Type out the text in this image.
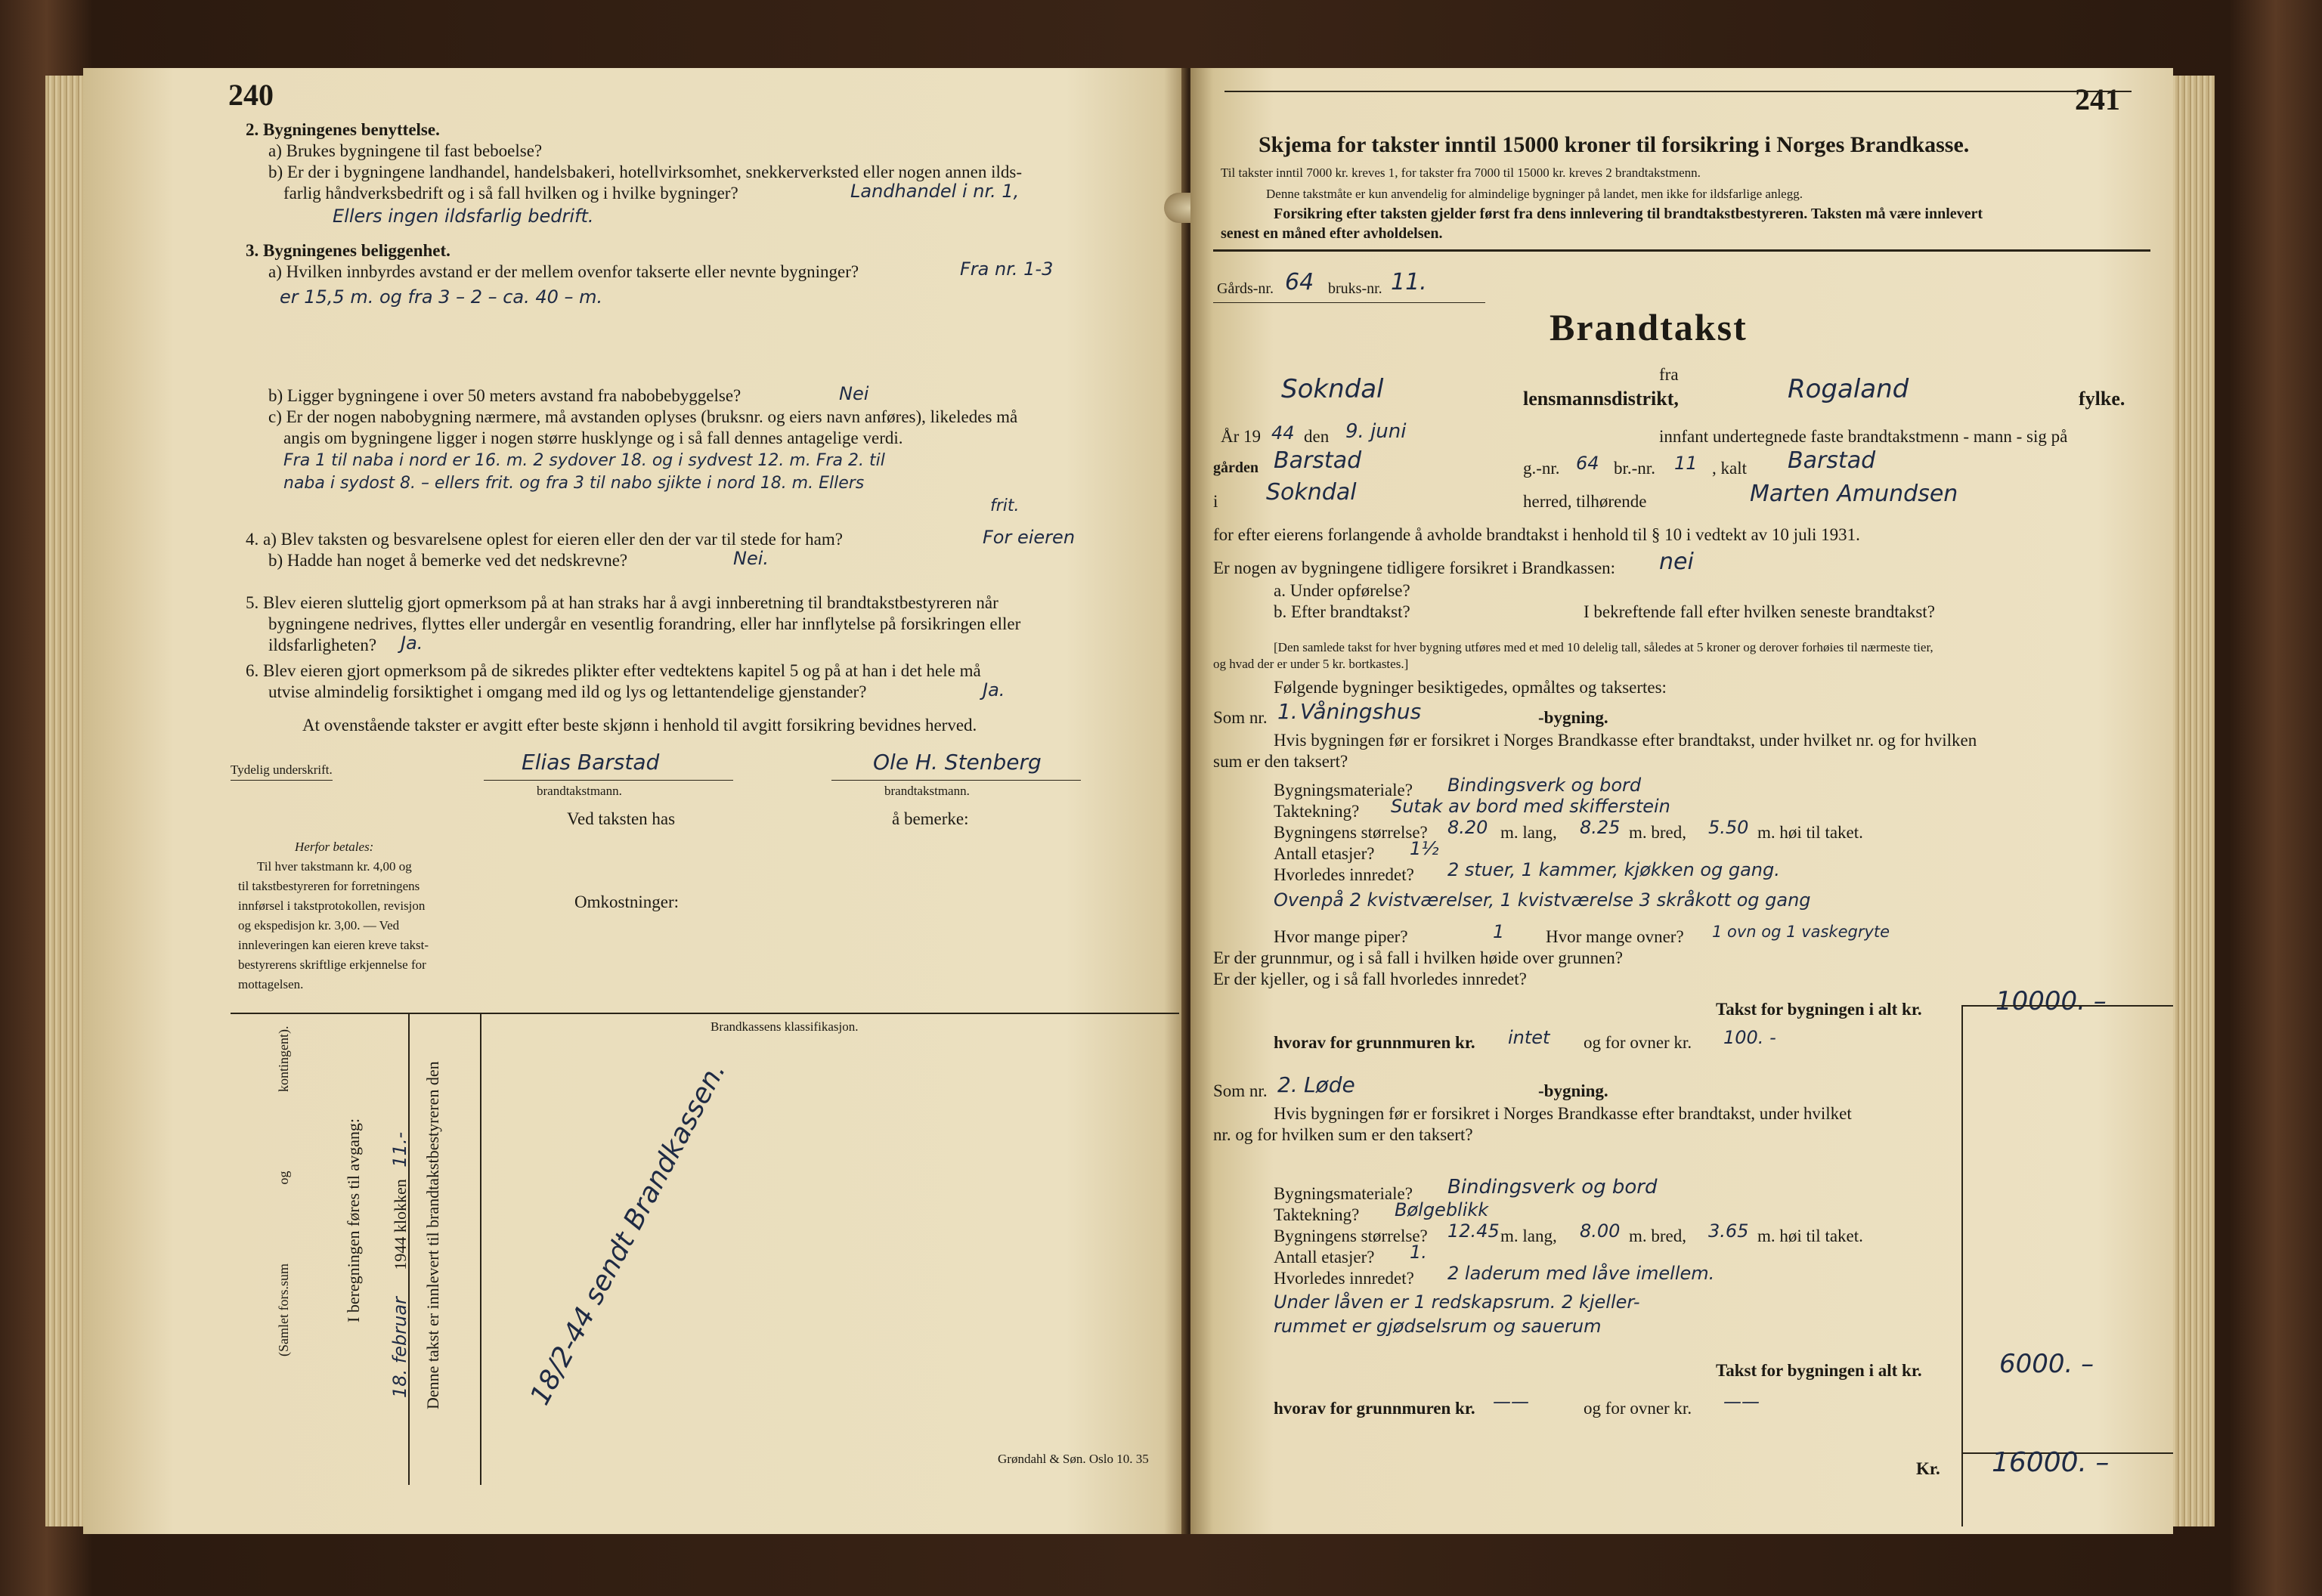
240
2. Bygningenes benyttelse.
a) Brukes bygningene til fast beboelse?
b) Er der i bygningene landhandel, handelsbakeri, hotellvirksomhet, snekkerverksted eller nogen annen ilds-
farlig håndverksbedrift og i så fall hvilken og i hvilke bygninger?	Landhandel i nr. 1,
Ellers ingen ildsfarlig bedrift.
3. Bygningenes beliggenhet.
a) Hvilken innbyrdes avstand er der mellem ovenfor takserte eller nevnte bygninger?	Fra nr. 1-3
er 15,5 m. og fra 3 – 2 – ca. 40 – m.
b) Ligger bygningene i over 50 meters avstand fra nabobebyggelse?	Nei
c) Er der nogen nabobygning nærmere, må avstanden oplyses (bruksnr. og eiers navn anføres), likeledes må
angis om bygningene ligger i nogen større husklynge og i så fall dennes antagelige verdi.
Fra 1 til naba i nord er 16. m. 2 sydover 18. og i sydvest 12. m. Fra 2. til
naba i sydost 8. – ellers frit. og fra 3 til nabo sjikte i nord 18. m. Ellers
frit.
4. a) Blev taksten og besvarelsene oplest for eieren eller den der var til stede for ham?	For eieren
b) Hadde han noget å bemerke ved det nedskrevne?	Nei.
5. Blev eieren sluttelig gjort opmerksom på at han straks har å avgi innberetning til brandtakstbestyreren når
bygningene nedrives, flyttes eller undergår en vesentlig forandring, eller har innflytelse på forsikringen eller
ildsfarligheten? Ja.
6. Blev eieren gjort opmerksom på de sikredes plikter efter vedtektens kapitel 5 og på at han i det hele må
utvise almindelig forsiktighet i omgang med ild og lys og lettantendelige gjenstander?	Ja.
At ovenstående takster er avgitt efter beste skjønn i henhold til avgitt forsikring bevidnes herved.
Tydelig underskrift.	Elias Barstad	Ole H. Stenberg
brandtakstmann.	brandtakstmann.
Ved taksten has	å bemerke:
Omkostninger:
Herfor betales:
Til hver takstmann kr. 4,00 og
til takstbestyreren for forretningens
innførsel i takstprotokollen, revisjon
og ekspedisjon kr. 3,00. — Ved
innleveringen kan eieren kreve takst-
bestyrerens skriftlige erkjennelse for
mottagelsen.
Brandkassens klassifikasjon.
Denne takst er innlevert til brandtakstbestyreren den
18. februar 1944 klokken 11.-
I beregningen føres til avgang:
(Samlet fors.sum og kontingent).	18/2-44 sendt Brandkassen.
Grøndahl & Søn. Oslo 10. 35
241
Skjema for takster inntil 15000 kroner til forsikring i Norges Brandkasse.
Til takster inntil 7000 kr. kreves 1, for takster fra 7000 til 15000 kr. kreves 2 brandtakstmenn.
Denne takstmåte er kun anvendelig for almindelige bygninger på landet, men ikke for ildsfarlige anlegg.
Forsikring efter taksten gjelder først fra dens innlevering til brandtakstbestyreren. Taksten må være innlevert
senest en måned efter avholdelsen.
Gårds-nr. 64 bruks-nr. 11.
Brandtakst
fra
Sokndal	lensmannsdistrikt,	Rogaland	fylke.
År 19 44 den 9. juni	innfant undertegnede faste brandtakstmenn - mann - sig på
gården Barstad	g.-nr. 64 br.-nr. 11 , kalt Barstad
i Sokndal	herred, tilhørende	Marten Amundsen
for efter eierens forlangende å avholde brandtakst i henhold til § 10 i vedtekt av 10 juli 1931.
Er nogen av bygningene tidligere forsikret i Brandkassen: nei
a. Under opførelse?
b. Efter brandtakst?	I bekreftende fall efter hvilken seneste brandtakst?
[Den samlede takst for hver bygning utføres med et med 10 delelig tall, således at 5 kroner og derover forhøies til nærmeste tier,
og hvad der er under 5 kr. bortkastes.]
Følgende bygninger besiktigedes, opmåltes og taksertes:
Som nr. 1. Våningshus	-bygning.
Hvis bygningen før er forsikret i Norges Brandkasse efter brandtakst, under hvilket nr. og for hvilken
sum er den taksert?
Bygningsmateriale? Bindingsverk og bord
Taktekning? Sutak av bord med skifferstein
Bygningens størrelse? 8.20 m. lang, 8.25 m. bred, 5.50 m. høi til taket.
Antall etasjer? 1½
Hvorledes innredet? 2 stuer, 1 kammer, kjøkken og gang.
Ovenpå 2 kvistværelser, 1 kvistværelse 3 skråkott og gang
Hvor mange piper?	1 Hvor mange ovner? 1 ovn og 1 vaskegryte
Er der grunnmur, og i så fall i hvilken høide over grunnen?
Er der kjeller, og i så fall hvorledes innredet?
Takst for bygningen i alt kr.	10000. –
hvorav for grunnmuren kr. intet og for ovner kr. 100. -
Som nr. 2. Løde	-bygning.
Hvis bygningen før er forsikret i Norges Brandkasse efter brandtakst, under hvilket
nr. og for hvilken sum er den taksert?
Bygningsmateriale? Bindingsverk og bord
Taktekning? Bølgeblikk
Bygningens størrelse? 12.45 m. lang, 8.00 m. bred, 3.65 m. høi til taket.
Antall etasjer? 1.
Hvorledes innredet? 2 laderum med låve imellem.
Under låven er 1 redskapsrum. 2 kjeller-
rummet er gjødselsrum og sauerum
Takst for bygningen i alt kr.	6000. –
hvorav for grunnmuren kr. ——	og for ovner kr. ——
Kr. 16000. –
